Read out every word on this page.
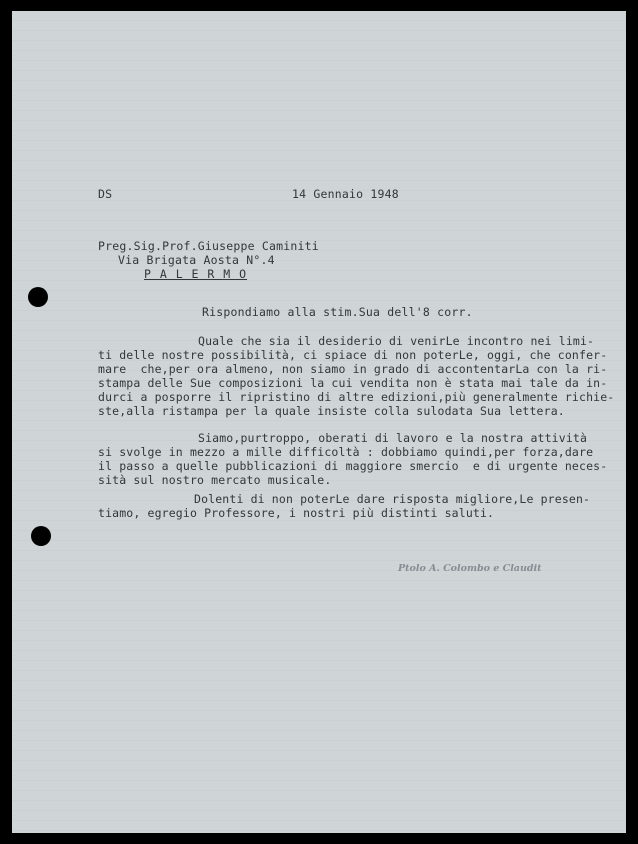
DS	14 Gennaio 1948
Preg.Sig.Prof.Giuseppe Caminiti
Via Brigata Aosta N°.4
P A L E R M O
Rispondiamo alla stim.Sua dell'8 corr.
Quale che sia il desiderio di venirLe incontro nei limi-
ti delle nostre possibilità, ci spiace di non poterLe, oggi, che confer-
mare  che,per ora almeno, non siamo in grado di accontentarLa con la ri-
stampa delle Sue composizioni la cui vendita non è stata mai tale da in-
durci a posporre il ripristino di altre edizioni,più generalmente richie-
ste,alla ristampa per la quale insiste colla sulodata Sua lettera.
Siamo,purtroppo, oberati di lavoro e la nostra attività
si svolge in mezzo a mille difficoltà : dobbiamo quindi,per forza,dare
il passo a quelle pubblicazioni di maggiore smercio  e di urgente neces-
sità sul nostro mercato musicale.
Dolenti di non poterLe dare risposta migliore,Le presen-
tiamo, egregio Professore, i nostri più distinti saluti.
Ptolo A. Colombo e Claudit
